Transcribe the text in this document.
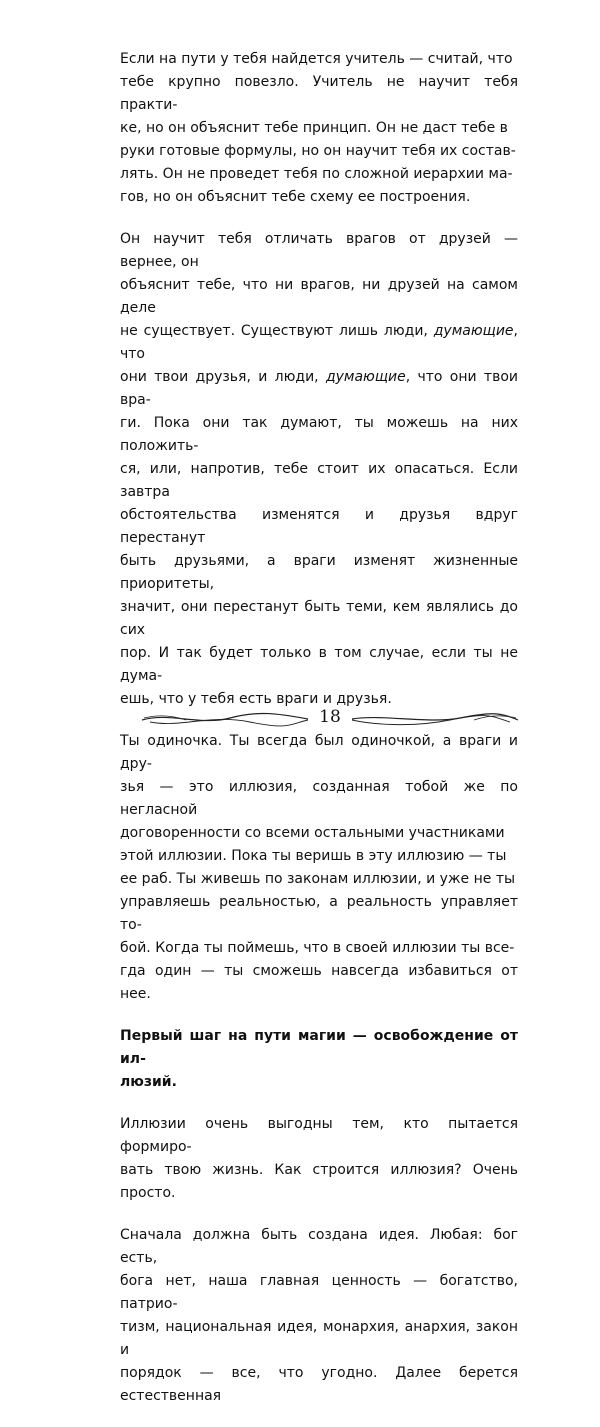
Если на пути у тебя найдется учитель — считай, что
тебе крупно повезло. Учитель не научит тебя практи-
ке, но он объяснит тебе принцип. Он не даст тебе в
руки готовые формулы, но он научит тебя их состав-
лять. Он не проведет тебя по сложной иерархии ма-
гов, но он объяснит тебе схему ее построения.

Он научит тебя отличать врагов от друзей — вернее, он
объяснит тебе, что ни врагов, ни друзей на самом деле
не существует. Существуют лишь люди, думающие, что
они твои друзья, и люди, думающие, что они твои вра-
ги. Пока они так думают, ты можешь на них положить-
ся, или, напротив, тебе стоит их опасаться. Если завтра
обстоятельства изменятся и друзья вдруг перестанут
быть друзьями, а враги изменят жизненные приоритеты,
значит, они перестанут быть теми, кем являлись до сих
пор. И так будет только в том случае, если ты не дума-
ешь, что у тебя есть враги и друзья.

Ты одиночка. Ты всегда был одиночкой, а враги и дру-
зья — это иллюзия, созданная тобой же по негласной
договоренности со всеми остальными участниками
этой иллюзии. Пока ты веришь в эту иллюзию — ты
ее раб. Ты живешь по законам иллюзии, и уже не ты
управляешь реальностью, а реальность управляет то-
бой. Когда ты поймешь, что в своей иллюзии ты все-
гда один — ты сможешь навсегда избавиться от нее.

Первый шаг на пути магии — освобождение от ил-
люзий.

Иллюзии очень выгодны тем, кто пытается формиро-
вать твою жизнь. Как строится иллюзия? Очень просто.

Сначала должна быть создана идея. Любая: бог есть,
бога нет, наша главная ценность — богатство, патрио-
тизм, национальная идея, монархия, анархия, закон и
порядок — все, что угодно. Далее берется естественная

18
